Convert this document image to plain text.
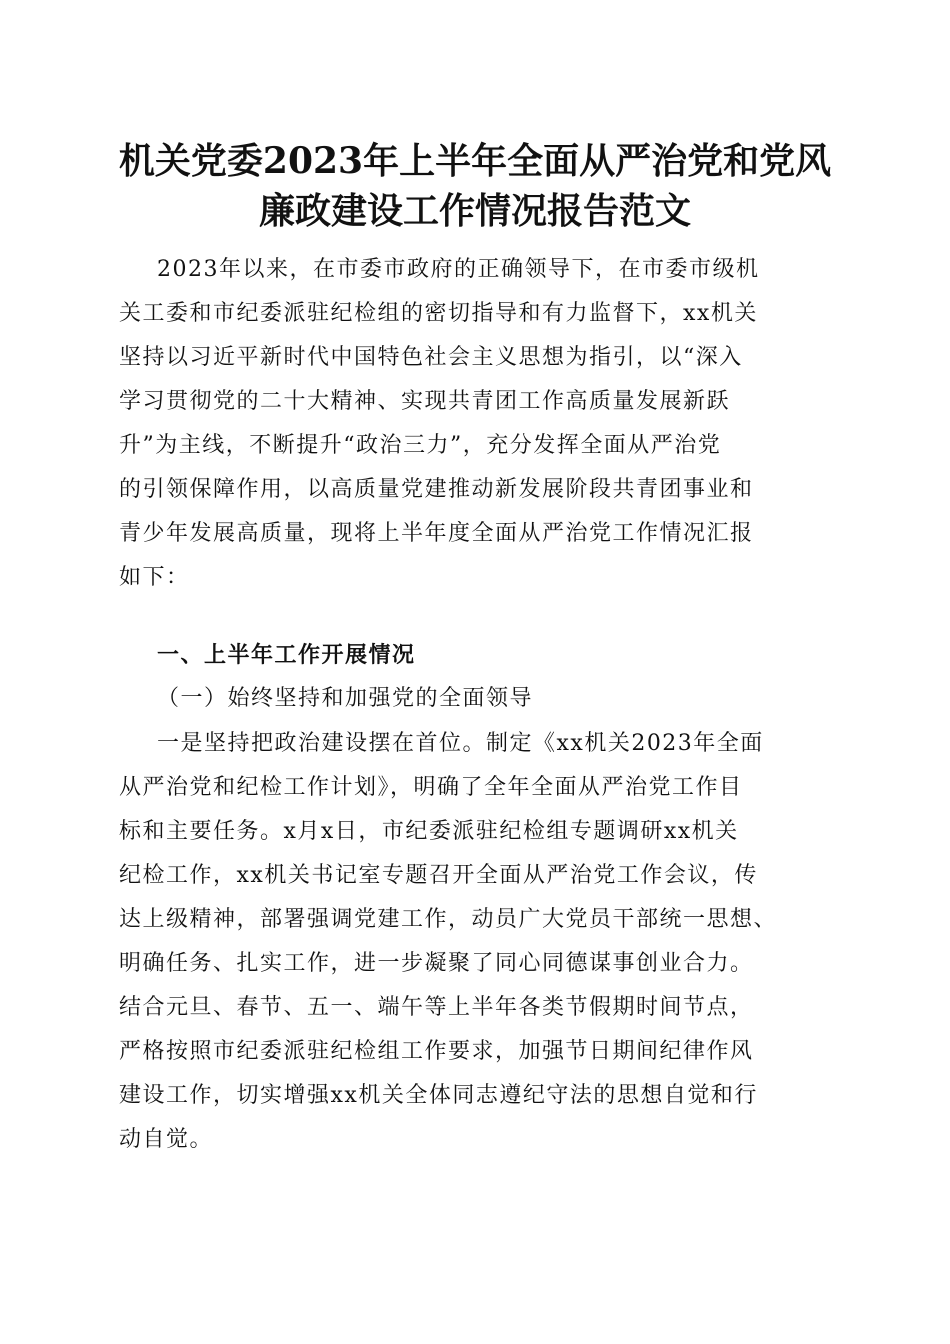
机关党委2023年上半年全面从严治党和党风
廉政建设工作情况报告范文
2023年以来，在市委市政府的正确领导下，在市委市级机
关工委和市纪委派驻纪检组的密切指导和有力监督下，xx机关
坚持以习近平新时代中国特色社会主义思想为指引，以“深入
学习贯彻党的二十大精神、实现共青团工作高质量发展新跃
升”为主线，不断提升“政治三力”，充分发挥全面从严治党
的引领保障作用，以高质量党建推动新发展阶段共青团事业和
青少年发展高质量，现将上半年度全面从严治党工作情况汇报
如下：
一、上半年工作开展情况
（一）始终坚持和加强党的全面领导
一是坚持把政治建设摆在首位。制定《xx机关2023年全面
从严治党和纪检工作计划》，明确了全年全面从严治党工作目
标和主要任务。x月x日，市纪委派驻纪检组专题调研xx机关
纪检工作，xx机关书记室专题召开全面从严治党工作会议，传
达上级精神，部署强调党建工作，动员广大党员干部统一思想、
明确任务、扎实工作，进一步凝聚了同心同德谋事创业合力。
结合元旦、春节、五一、端午等上半年各类节假期时间节点，
严格按照市纪委派驻纪检组工作要求，加强节日期间纪律作风
建设工作，切实增强xx机关全体同志遵纪守法的思想自觉和行
动自觉。
